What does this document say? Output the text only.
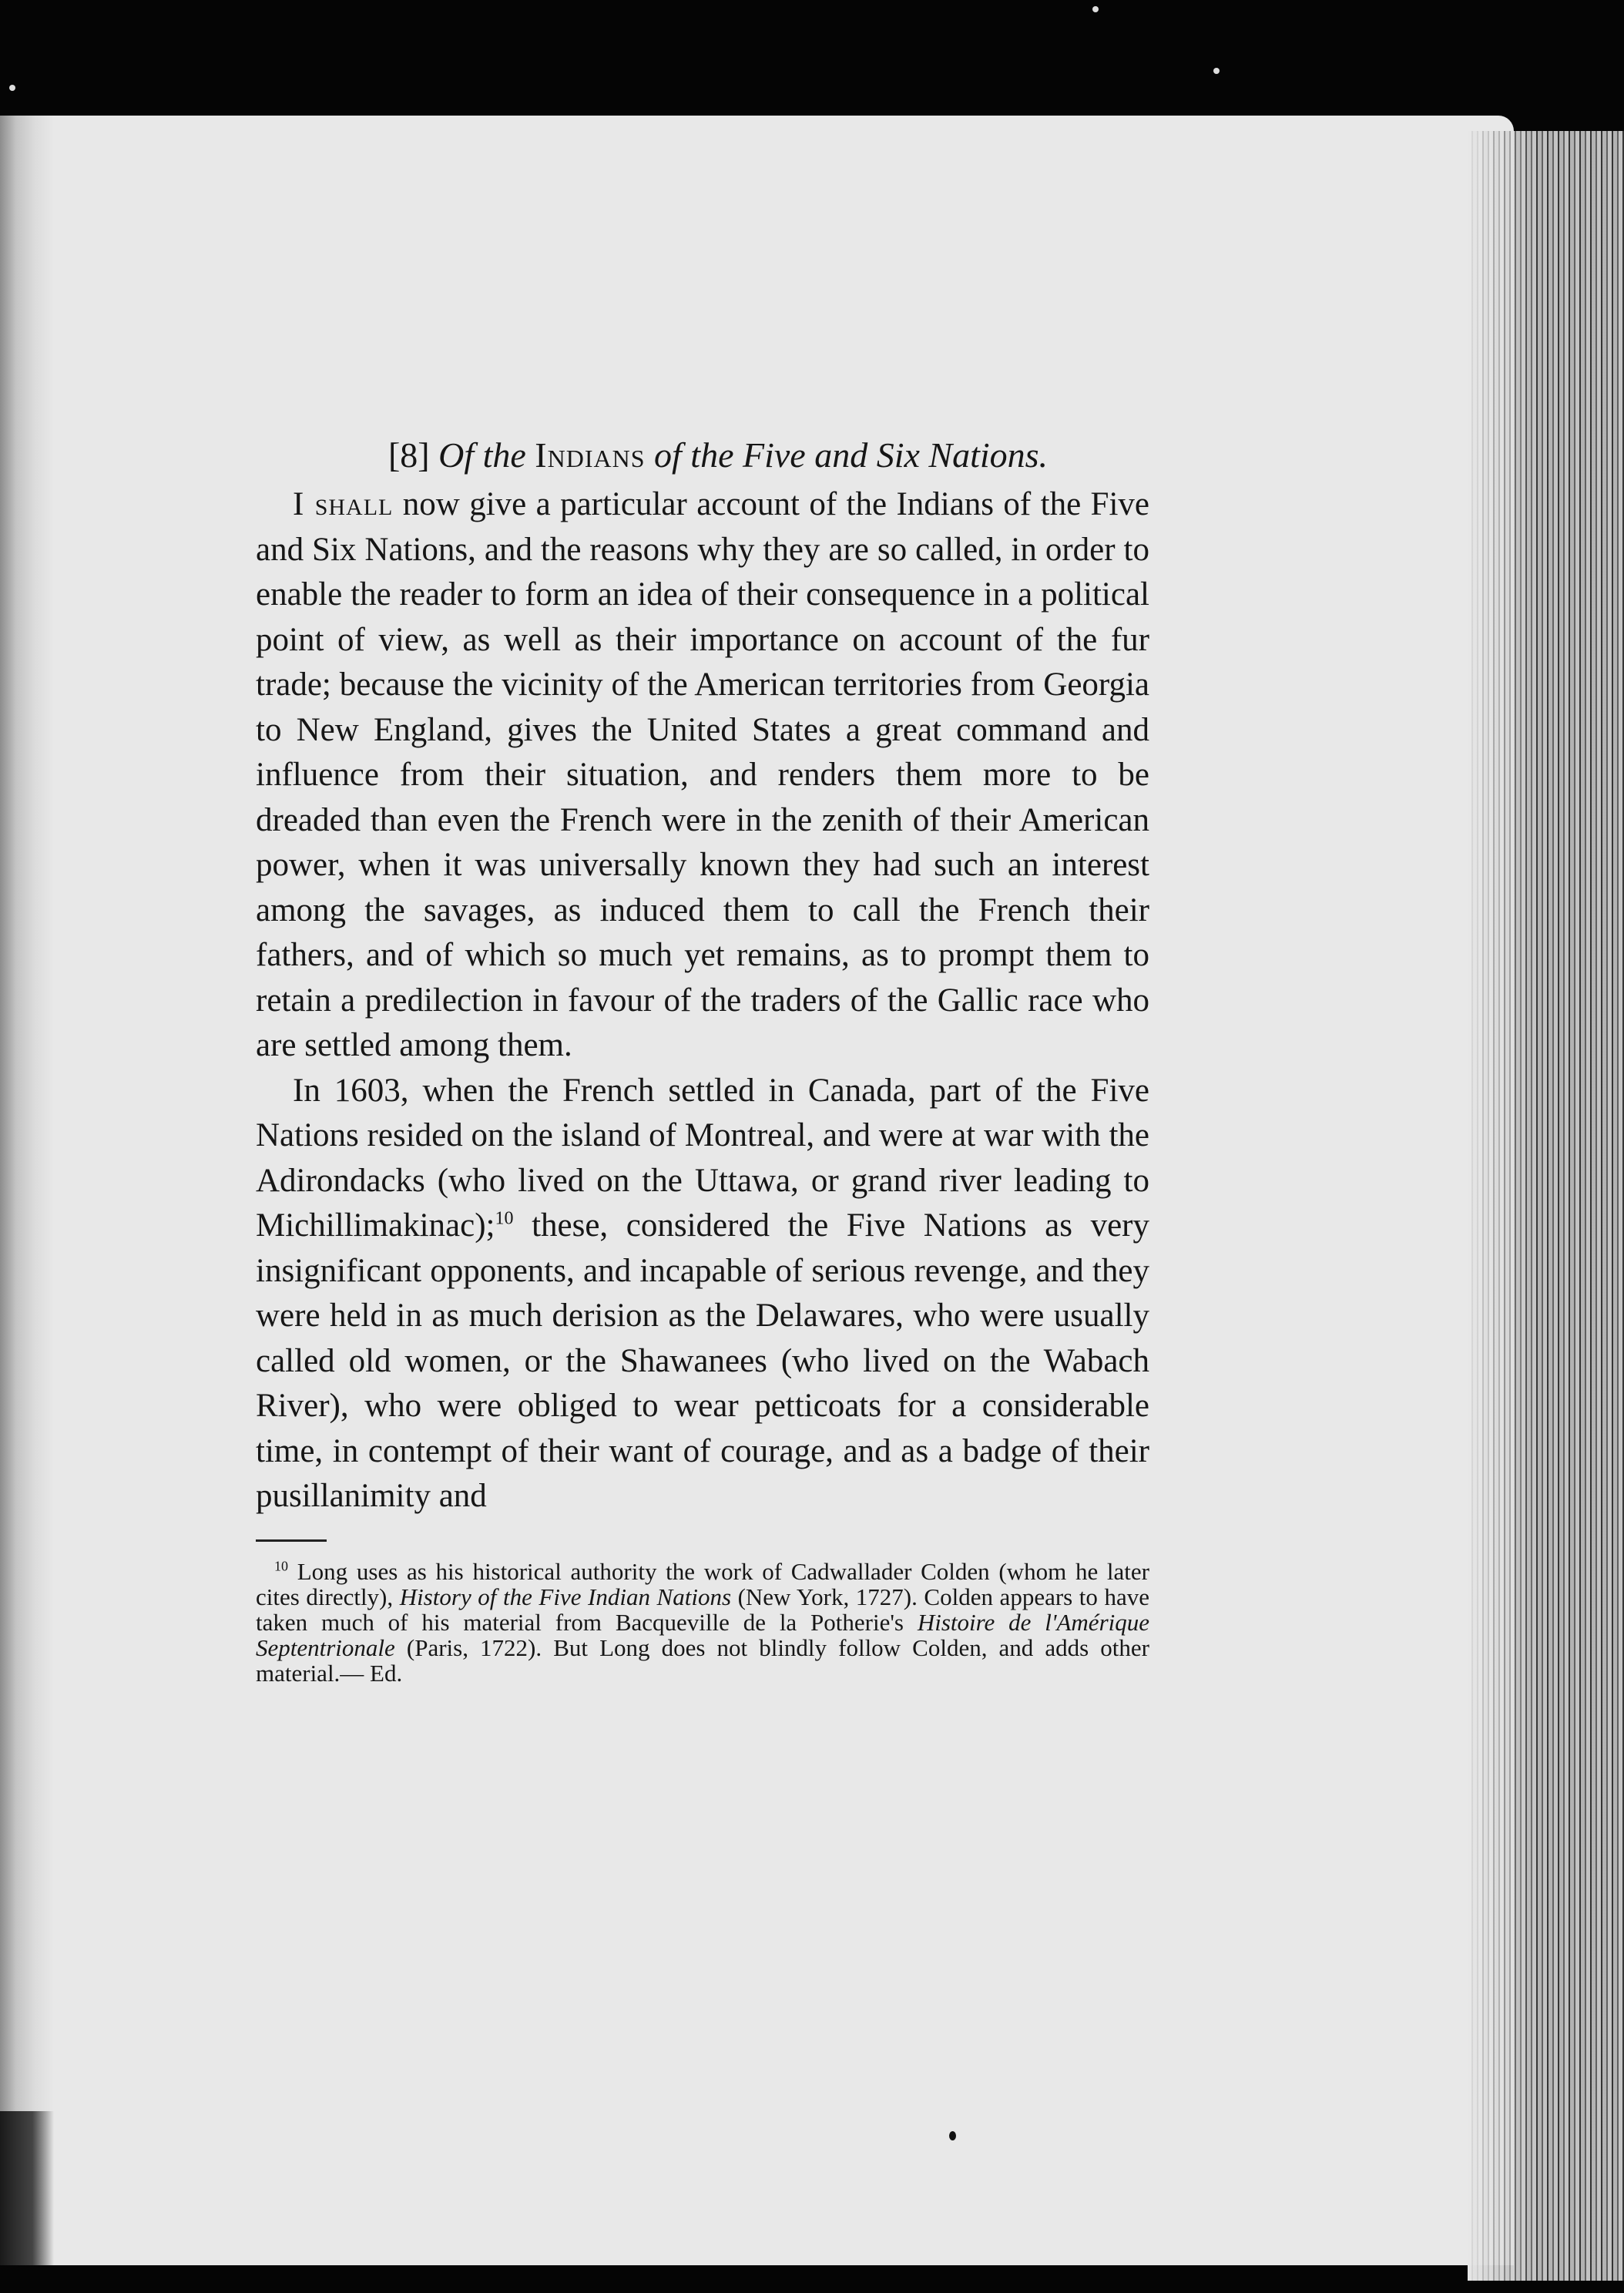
[8] Of the Indians of the Five and Six Nations.

I shall now give a particular account of the Indians of the Five and Six Nations, and the reasons why they are so called, in order to enable the reader to form an idea of their consequence in a political point of view, as well as their importance on account of the fur trade; because the vicinity of the American territories from Georgia to New England, gives the United States a great command and influence from their situation, and renders them more to be dreaded than even the French were in the zenith of their American power, when it was universally known they had such an interest among the savages, as induced them to call the French their fathers, and of which so much yet remains, as to prompt them to retain a predilection in favour of the traders of the Gallic race who are settled among them.

In 1603, when the French settled in Canada, part of the Five Nations resided on the island of Montreal, and were at war with the Adirondacks (who lived on the Uttawa, or grand river leading to Michillimakinac);$^{10}$ these, considered the Five Nations as very insignificant opponents, and incapable of serious revenge, and they were held in as much derision as the Delawares, who were usually called old women, or the Shawanees (who lived on the Wabach River), who were obliged to wear petticoats for a considerable time, in contempt of their want of courage, and as a badge of their pusillanimity and

$^{10}$ Long uses as his historical authority the work of Cadwallader Colden (whom he later cites directly), History of the Five Indian Nations (New York, 1727). Colden appears to have taken much of his material from Bacqueville de la Potherie's Histoire de l'Amérique Septentrionale (Paris, 1722). But Long does not blindly follow Colden, and adds other material.— Ed.
